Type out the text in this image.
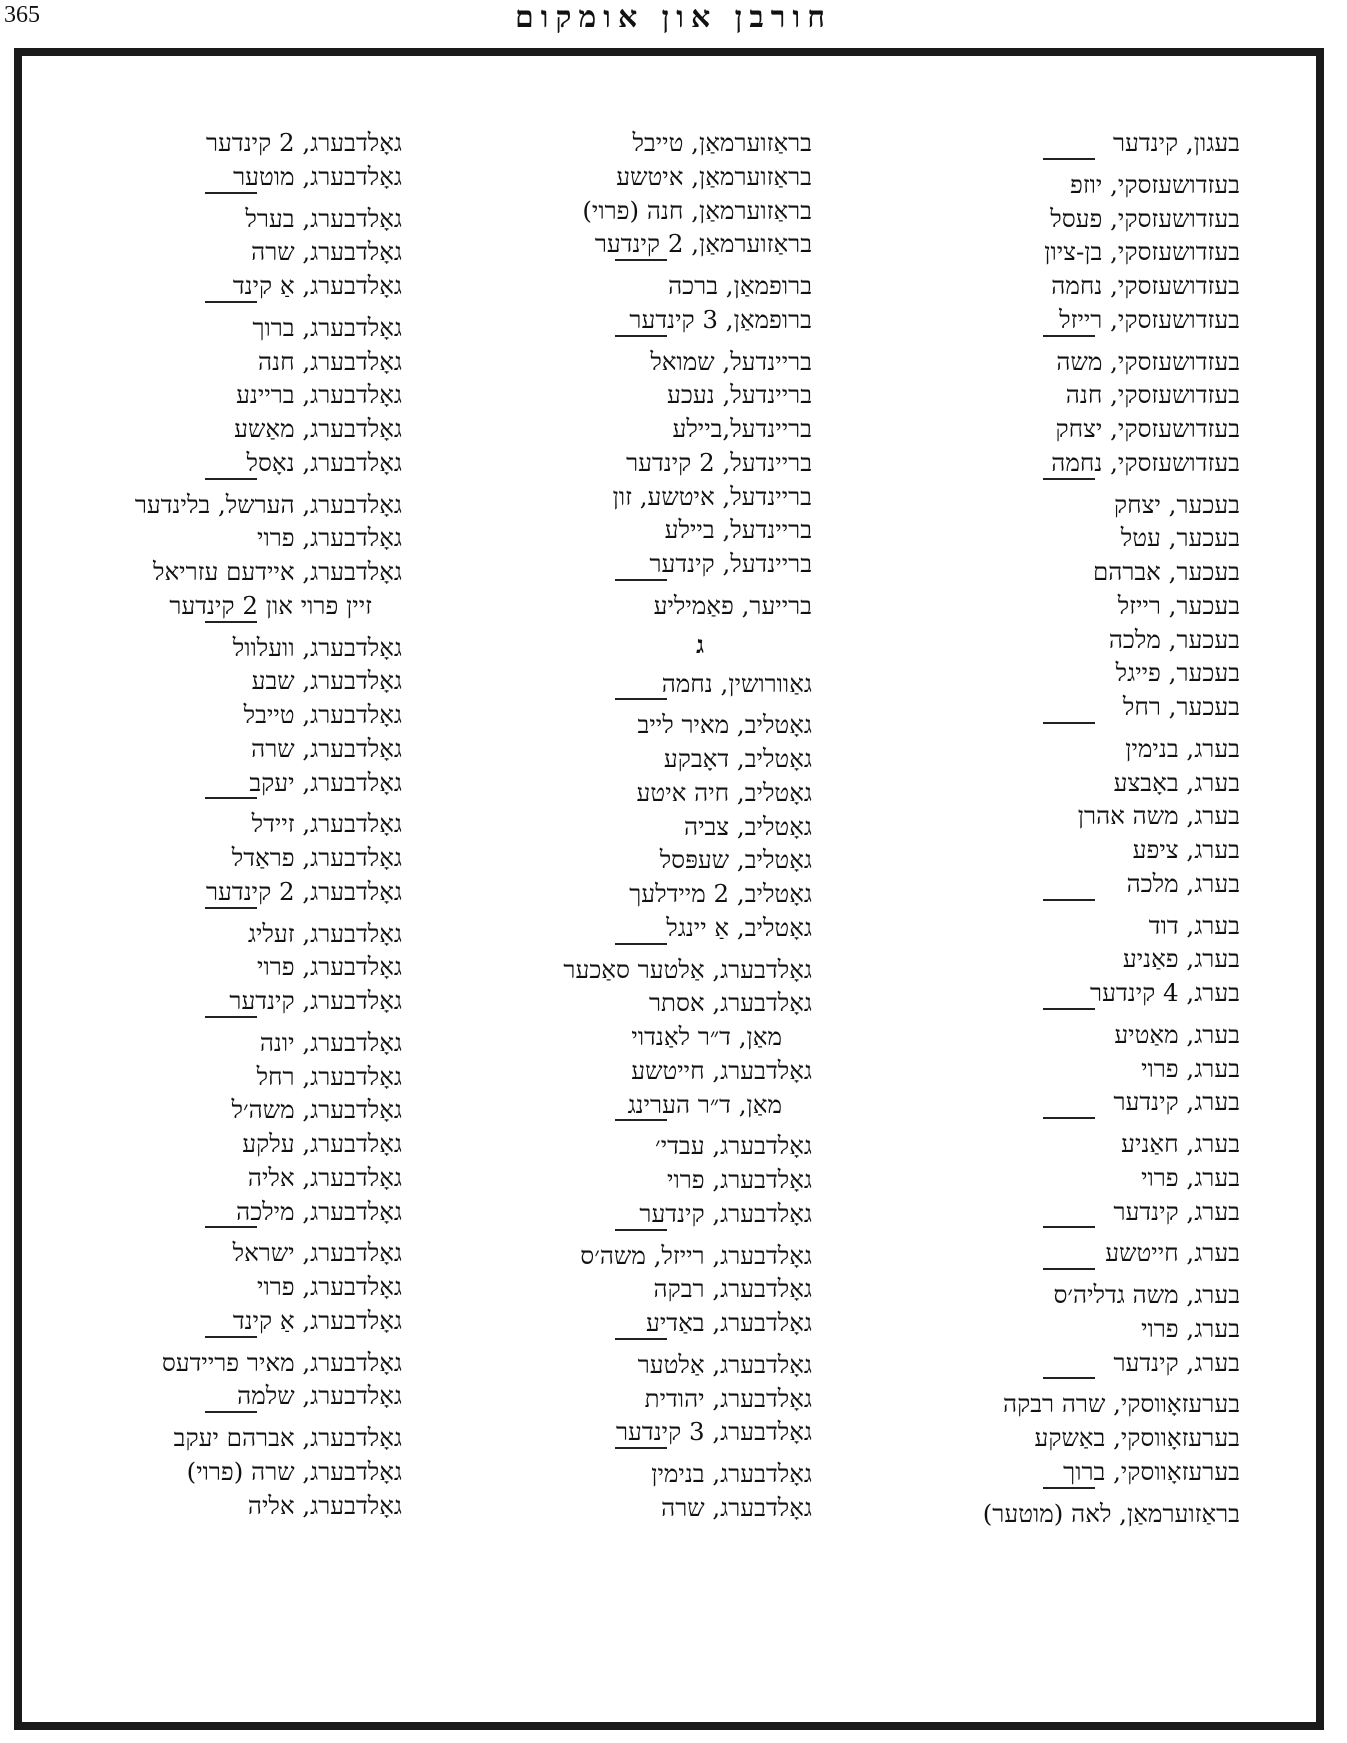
365	חורבן און אומקום
גאָלדבערג, 2 קינדער
גאָלדבערג, מוטער
גאָלדבערג, בערל
גאָלדבערג, שרה
גאָלדבערג, אַ קינד
גאָלדבערג, ברוך
גאָלדבערג, חנה
גאָלדבערג, בריינע
גאָלדבערג, מאַשע
גאָלדבערג, נאָסל
גאָלדבערג, הערשל, בלינדער
גאָלדבערג, פרוי
גאָלדבערג, איידעם עזריאל
זיין פרוי און 2 קינדער
גאָלדבערג, וועלוול
גאָלדבערג, שבע
גאָלדבערג, טייבל
גאָלדבערג, שרה
גאָלדבערג, יעקב
גאָלדבערג, זיידל
גאָלדבערג, פראַדל
גאָלדבערג, 2 קינדער
גאָלדבערג, זעליג
גאָלדבערג, פרוי
גאָלדבערג, קינדער
גאָלדבערג, יונה
גאָלדבערג, רחל
גאָלדבערג, משה׳ל
גאָלדבערג, עלקע
גאָלדבערג, אליה
גאָלדבערג, מילכה
גאָלדבערג, ישראל
גאָלדבערג, פרוי
גאָלדבערג, אַ קינד
גאָלדבערג, מאיר פריידעס
גאָלדבערג, שלמה
גאָלדבערג, אברהם יעקב
גאָלדבערג, שרה (פרוי)
גאָלדבערג, אליה
בראַזוערמאַן, טייבל
בראַזוערמאַן, איטשע
בראַזוערמאַן, חנה (פרוי)
בראַזוערמאַן, 2 קינדער
ברופמאַן, ברכה
ברופמאַן, 3 קינדער
בריינדעל, שמואל
בריינדעל, נעכע
בריינדעל,ביילע
בריינדעל, 2 קינדער
בריינדעל, איטשע, זון
בריינדעל, ביילע
בריינדעל, קינדער
ברייער, פאַמיליע
ג
גאַוורושין, נחמה
גאָטליב, מאיר לייב
גאָטליב, דאָבקע
גאָטליב, חיה איטע
גאָטליב, צביה
גאָטליב, שעפּסל
גאָטליב, 2 מיידלעך
גאָטליב, אַ יינגל
גאָלדבערג, אַלטער סאַכער
גאָלדבערג, אסתר
מאַן, ד״ר לאַנדוי
גאָלדבערג, חייטשע
מאַן, ד״ר הערינג
גאָלדבערג, עבדי׳
גאָלדבערג, פרוי
גאָלדבערג, קינדער
גאָלדבערג, רייזל, משה׳ס
גאָלדבערג, רבקה
גאָלדבערג, באַדיע
גאָלדבערג, אַלטער
גאָלדבערג, יהודית
גאָלדבערג, 3 קינדער
גאָלדבערג, בנימין
גאָלדבערג, שרה
בעגון, קינדער
בעזדושעזסקי, יוזפ
בעזדושעזסקי, פעסל
בעזדושעזסקי, בן-ציון
בעזדושעזסקי, נחמה
בעזדושעזסקי, רייזל
בעזדושעזסקי, משה
בעזדושעזסקי, חנה
בעזדושעזסקי, יצחק
בעזדושעזסקי, נחמה
בעכער, יצחק
בעכער, עטל
בעכער, אברהם
בעכער, רייזל
בעכער, מלכה
בעכער, פייגל
בעכער, רחל
בערג, בנימין
בערג, באָבצע
בערג, משה אהרן
בערג, ציפע
בערג, מלכה
בערג, דוד
בערג, פאַניע
בערג, 4 קינדער
בערג, מאַטיע
בערג, פרוי
בערג, קינדער
בערג, חאַניע
בערג, פרוי
בערג, קינדער
בערג, חייטשע
בערג, משה גדליה׳ס
בערג, פרוי
בערג, קינדער
בערעזאָווסקי, שרה רבקה
בערעזאָווסקי, באַשקע
בערעזאָווסקי, ברוך
בראַזוערמאַן, לאה (מוטער)
